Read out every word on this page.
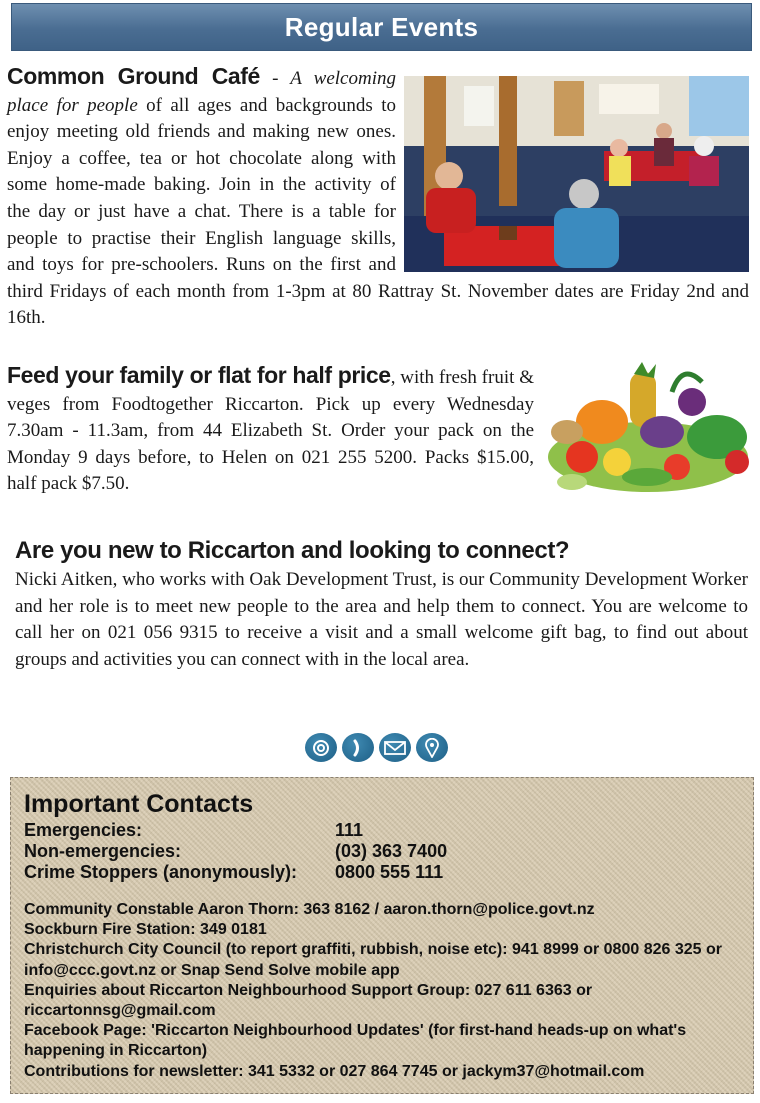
Regular Events
Common Ground Café - A welcoming place for people of all ages and backgrounds to enjoy meeting old friends and making new ones. Enjoy a coffee, tea or hot chocolate along with some home-made baking. Join in the activity of the day or just have a chat. There is a table for people to practise their English language skills, and toys for pre-schoolers. Runs on the first and third Fridays of each month from 1-3pm at 80 Rattray St. November dates are Friday 2nd and 16th.
Feed your family or flat for half price, with fresh fruit & veges from Foodtogether Riccarton. Pick up every Wednesday 7.30am - 11.3am, from 44 Elizabeth St. Order your pack on the Monday 9 days before, to Helen on 021 255 5200. Packs $15.00, half pack $7.50.
Are you new to Riccarton and looking to connect?
Nicki Aitken, who works with Oak Development Trust, is our Community Development Worker and her role is to meet new people to the area and help them to connect. You are welcome to call her on 021 056 9315 to receive a visit and a small welcome gift bag, to find out about groups and activities you can connect with in the local area.
Important Contacts
Emergencies:	111
Non-emergencies:	(03) 363 7400
Crime Stoppers (anonymously):	0800 555 111

Community Constable Aaron Thorn: 363 8162 / aaron.thorn@police.govt.nz

Sockburn Fire Station: 349 0181

Christchurch City Council (to report graffiti, rubbish, noise etc): 941 8999 or 0800 826 325 or info@ccc.govt.nz or Snap Send Solve mobile app

Enquiries about Riccarton Neighbourhood Support Group: 027 611 6363 or riccartonnsg@gmail.com

Facebook Page: 'Riccarton Neighbourhood Updates' (for first-hand heads-up on what's happening in Riccarton)

Contributions for newsletter: 341 5332 or 027 864 7745 or jackym37@hotmail.com
